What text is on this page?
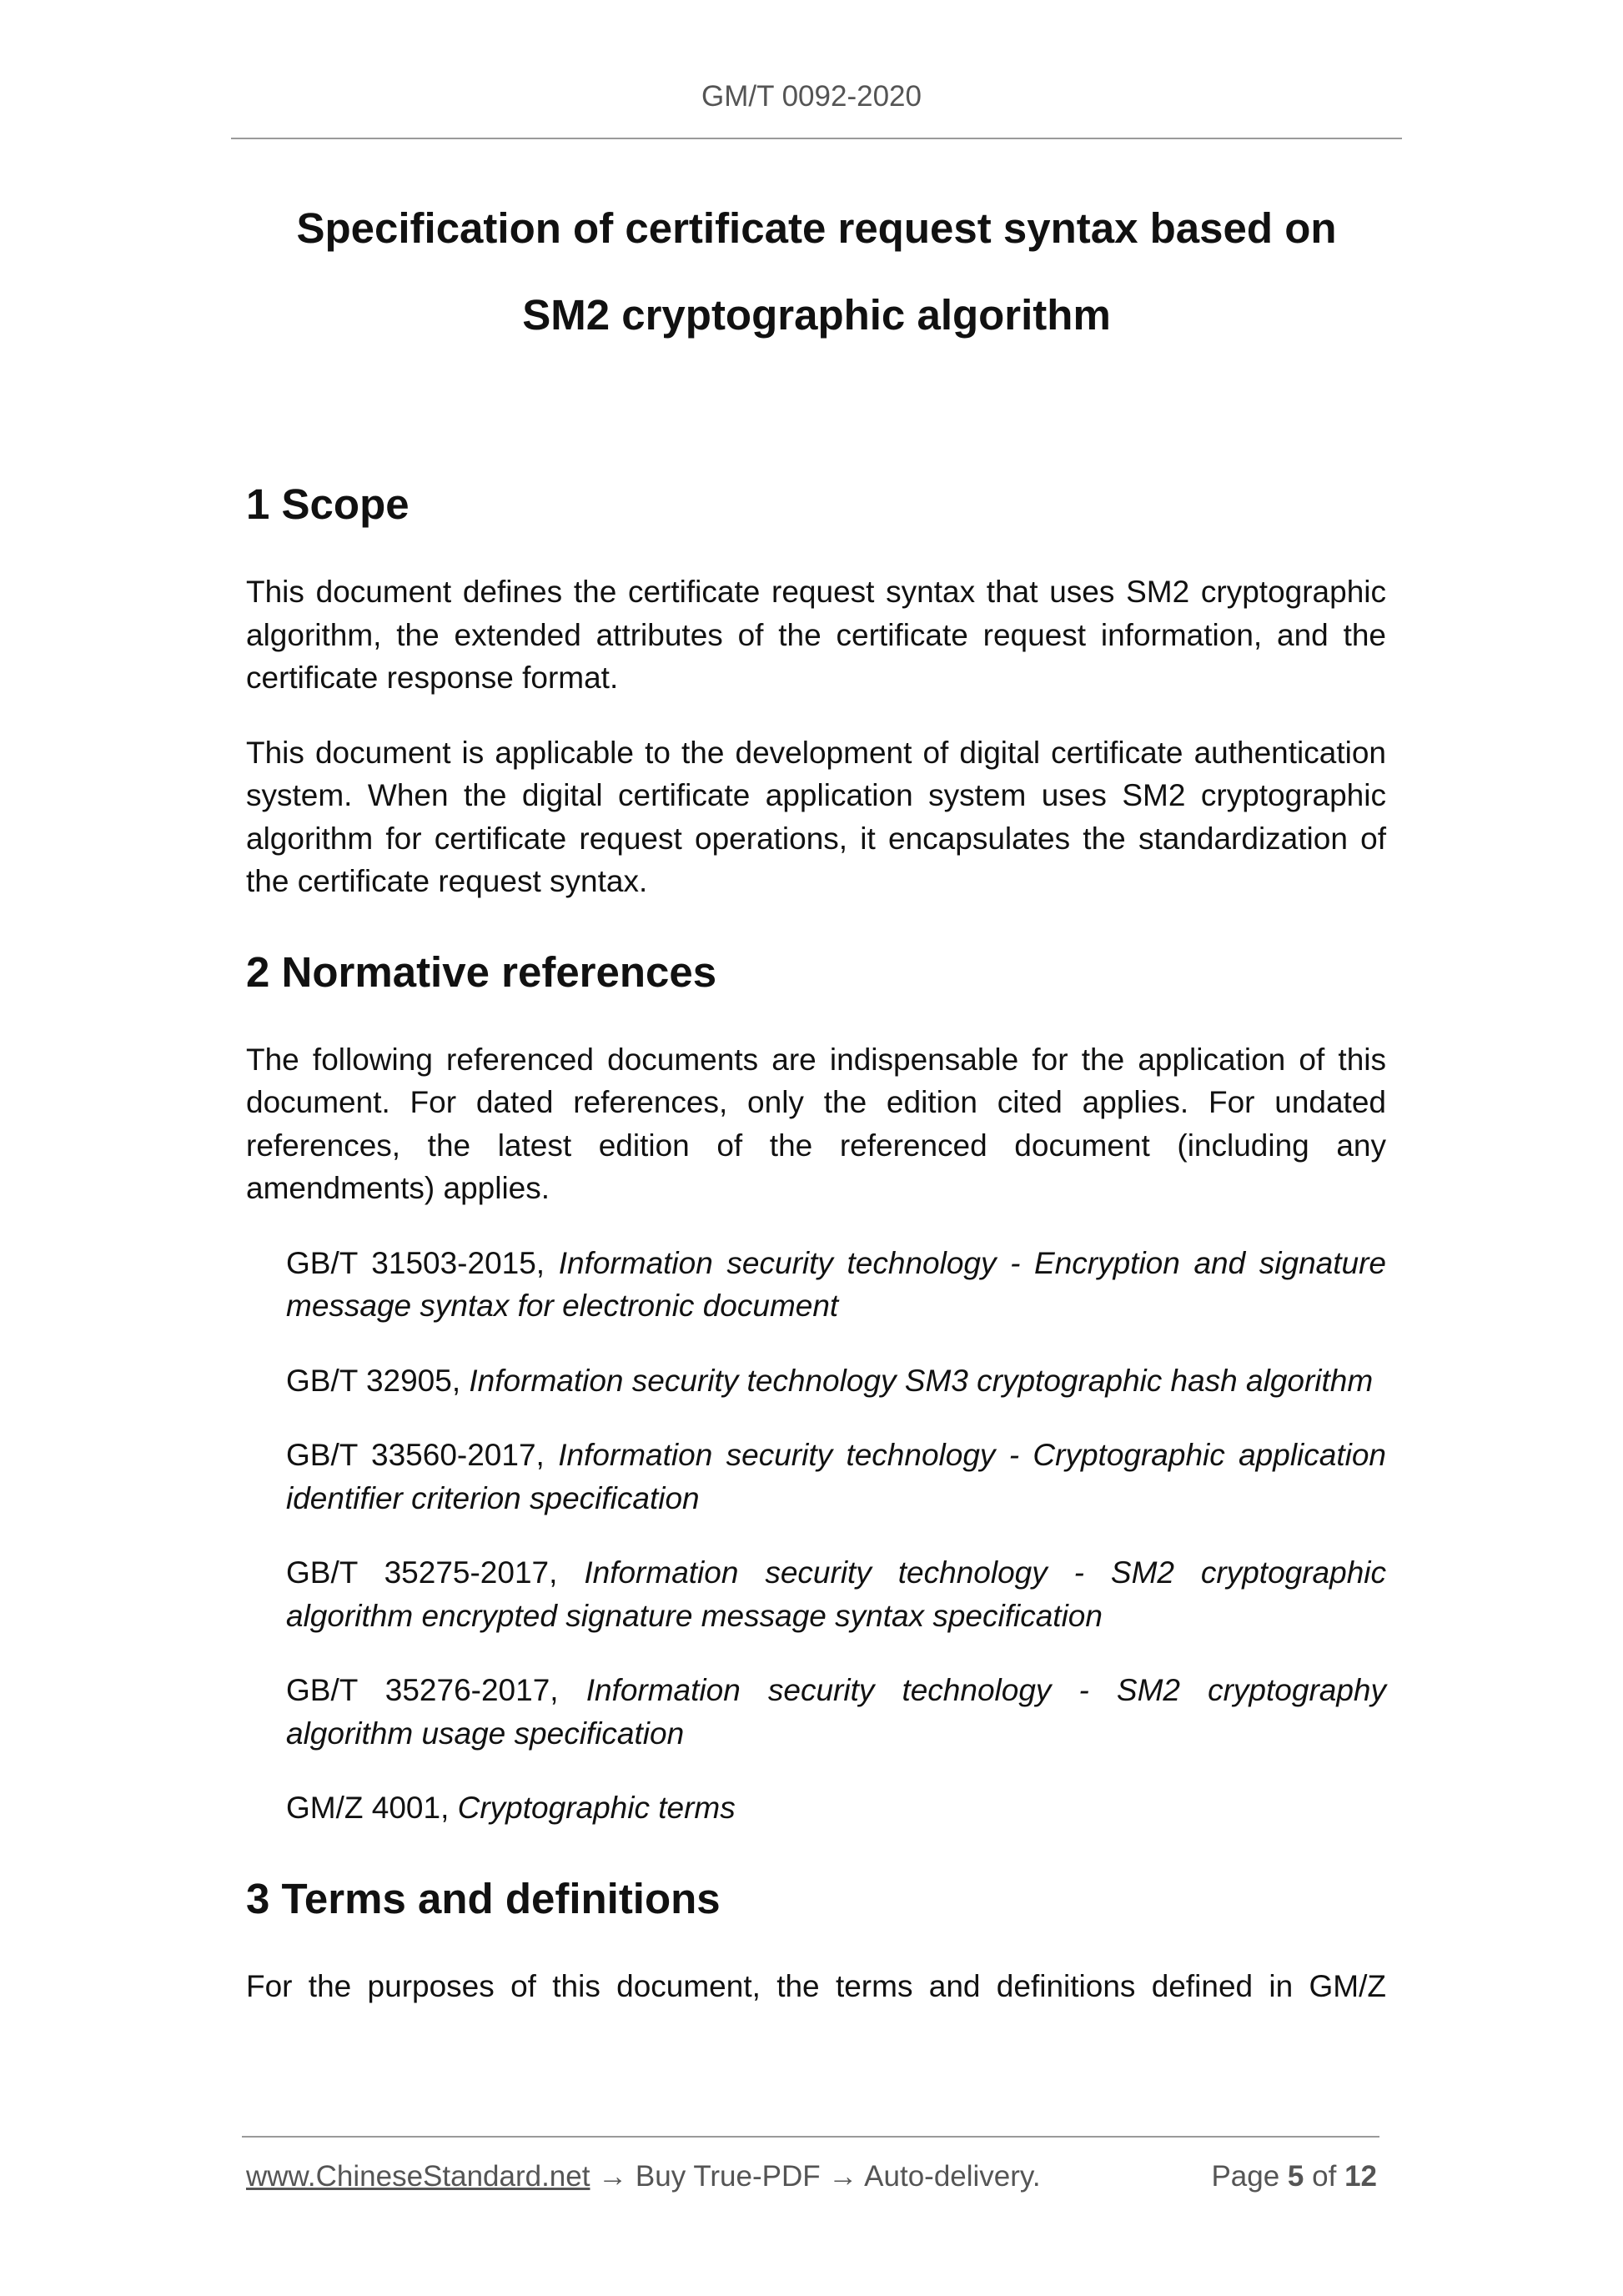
GM/T 0092-2020
Specification of certificate request syntax based on
SM2 cryptographic algorithm
1 Scope

This document defines the certificate request syntax that uses SM2 cryptographic algorithm, the extended attributes of the certificate request information, and the certificate response format.

This document is applicable to the development of digital certificate authentication system. When the digital certificate application system uses SM2 cryptographic algorithm for certificate request operations, it encapsulates the standardization of the certificate request syntax.

2 Normative references

The following referenced documents are indispensable for the application of this document. For dated references, only the edition cited applies. For undated references, the latest edition of the referenced document (including any amendments) applies.

GB/T 31503-2015, Information security technology - Encryption and signature message syntax for electronic document

GB/T 32905, Information security technology SM3 cryptographic hash algorithm

GB/T 33560-2017, Information security technology - Cryptographic application identifier criterion specification

GB/T 35275-2017, Information security technology - SM2 cryptographic algorithm encrypted signature message syntax specification

GB/T 35276-2017, Information security technology - SM2 cryptography algorithm usage specification

GM/Z 4001, Cryptographic terms

3 Terms and definitions

For the purposes of this document, the terms and definitions defined in GM/Z

www.ChineseStandard.net → Buy True-PDF → Auto-delivery.	Page 5 of 12
